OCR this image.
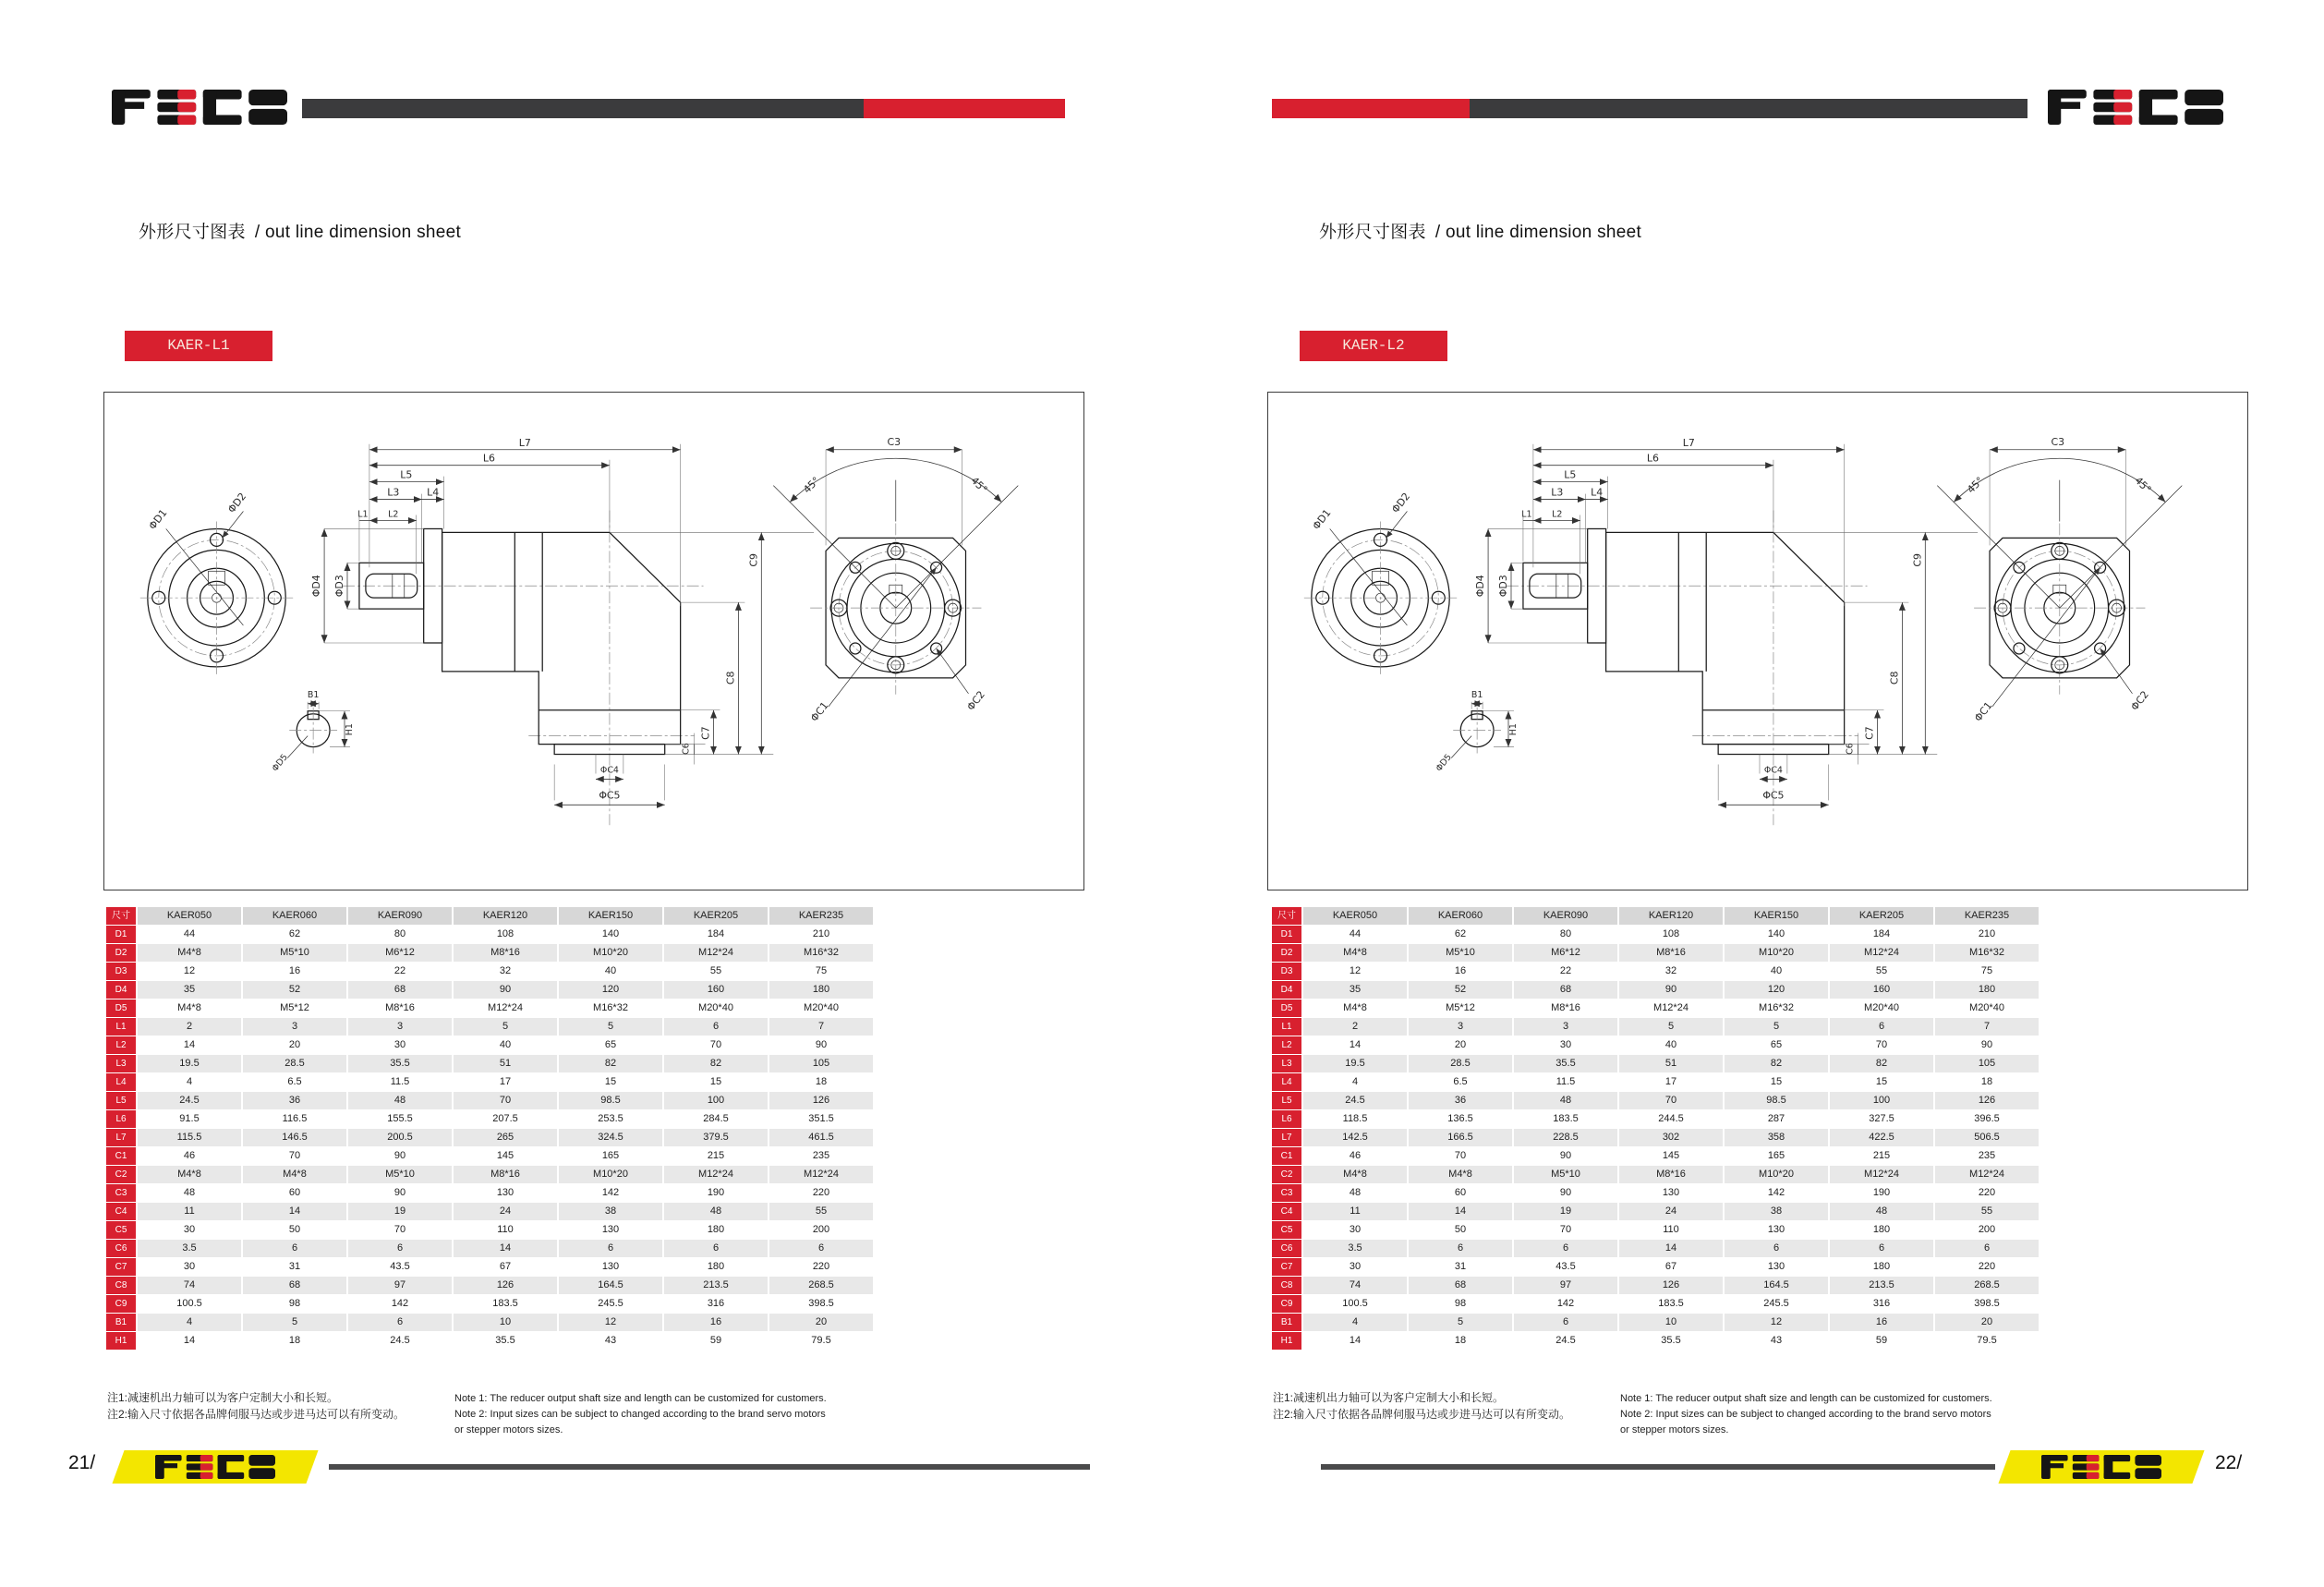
外形尺寸图表 / out line dimension sheet
KAER-L1
ΦD1
ΦD2
B1
H1
ΦD5
L7
L6
L5
L3	L4
L1 L2
ΦD4 ΦD3
C6
C7
C8
C9
ΦC4
ΦC5
C3
45°	45°
ΦC1	ΦC2
尺寸	KAER050	KAER060	KAER090	KAER120	KAER150	KAER205	KAER235
D1	44	62	80	108	140	184	210
D2	M4*8	M5*10	M6*12	M8*16	M10*20	M12*24	M16*32
D3	12	16	22	32	40	55	75
D4	35	52	68	90	120	160	180
D5	M4*8	M5*12	M8*16	M12*24	M16*32	M20*40	M20*40
L1	2	3	3	5	5	6	7
L2	14	20	30	40	65	70	90
L3	19.5	28.5	35.5	51	82	82	105
L4	4	6.5	11.5	17	15	15	18
L5	24.5	36	48	70	98.5	100	126
L6	91.5	116.5	155.5	207.5	253.5	284.5	351.5
L7	115.5	146.5	200.5	265	324.5	379.5	461.5
C1	46	70	90	145	165	215	235
C2	M4*8	M4*8	M5*10	M8*16	M10*20	M12*24	M12*24
C3	48	60	90	130	142	190	220
C4	11	14	19	24	38	48	55
C5	30	50	70	110	130	180	200
C6	3.5	6	6	14	6	6	6
C7	30	31	43.5	67	130	180	220
C8	74	68	97	126	164.5	213.5	268.5
C9	100.5	98	142	183.5	245.5	316	398.5
B1	4	5	6	10	12	16	20
H1	14	18	24.5	35.5	43	59	79.5
注1:减速机出力轴可以为客户定制大小和长短。
注2:输入尺寸依据各品牌伺服马达或步进马达可以有所变动。
Note 1: The reducer output shaft size and length can be customized for customers.
Note 2: Input sizes can be subject to changed according to the brand servo motors
or stepper motors sizes.
21/
外形尺寸图表 / out line dimension sheet
KAER-L2
ΦD1
ΦD2
B1
H1
ΦD5
L7
L6
L5
L3	L4
L1 L2
ΦD4 ΦD3
C6
C7
C8
C9
ΦC4
ΦC5
C3
45°	45°
ΦC1	ΦC2
尺寸	KAER050	KAER060	KAER090	KAER120	KAER150	KAER205	KAER235
D1	44	62	80	108	140	184	210
D2	M4*8	M5*10	M6*12	M8*16	M10*20	M12*24	M16*32
D3	12	16	22	32	40	55	75
D4	35	52	68	90	120	160	180
D5	M4*8	M5*12	M8*16	M12*24	M16*32	M20*40	M20*40
L1	2	3	3	5	5	6	7
L2	14	20	30	40	65	70	90
L3	19.5	28.5	35.5	51	82	82	105
L4	4	6.5	11.5	17	15	15	18
L5	24.5	36	48	70	98.5	100	126
L6	118.5	136.5	183.5	244.5	287	327.5	396.5
L7	142.5	166.5	228.5	302	358	422.5	506.5
C1	46	70	90	145	165	215	235
C2	M4*8	M4*8	M5*10	M8*16	M10*20	M12*24	M12*24
C3	48	60	90	130	142	190	220
C4	11	14	19	24	38	48	55
C5	30	50	70	110	130	180	200
C6	3.5	6	6	14	6	6	6
C7	30	31	43.5	67	130	180	220
C8	74	68	97	126	164.5	213.5	268.5
C9	100.5	98	142	183.5	245.5	316	398.5
B1	4	5	6	10	12	16	20
H1	14	18	24.5	35.5	43	59	79.5
注1:减速机出力轴可以为客户定制大小和长短。
注2:输入尺寸依据各品牌伺服马达或步进马达可以有所变动。
Note 1: The reducer output shaft size and length can be customized for customers.
Note 2: Input sizes can be subject to changed according to the brand servo motors
or stepper motors sizes.
22/
